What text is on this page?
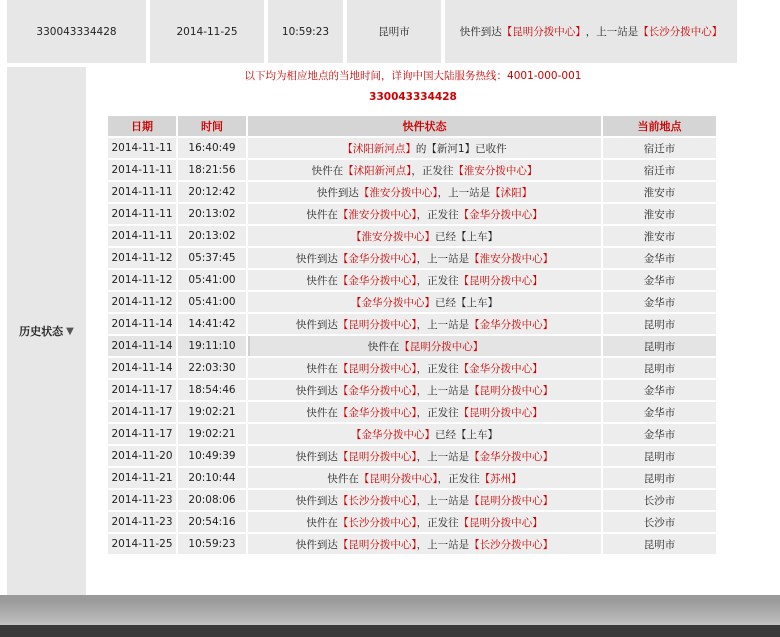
330043334428	2014-11-25	10:59:23	昆明市	快件到达 【昆明分拨中心】 ，上一站是 【长沙分拨中心】
历史状态 ▼
以下均为相应地点的当地时间，详询中国大陆服务热线：4001-000-001
330043334428
日期	时间	快件状态	当前地点
2014-11-11	16:40:49	【沭阳新河点】的【新河1】已收件	宿迁市
2014-11-11	18:21:56	快件在【沭阳新河点】，正发往【淮安分拨中心】	宿迁市
2014-11-11	20:12:42	快件到达【淮安分拨中心】，上一站是【沭阳】	淮安市
2014-11-11	20:13:02	快件在【淮安分拨中心】，正发往【金华分拨中心】	淮安市
2014-11-11	20:13:02	【淮安分拨中心】已经【上车】	淮安市
2014-11-12	05:37:45	快件到达【金华分拨中心】，上一站是【淮安分拨中心】	金华市
2014-11-12	05:41:00	快件在【金华分拨中心】，正发往【昆明分拨中心】	金华市
2014-11-12	05:41:00	【金华分拨中心】已经【上车】	金华市
2014-11-14	14:41:42	快件到达【昆明分拨中心】，上一站是【金华分拨中心】	昆明市
2014-11-14	19:11:10	快件在【昆明分拨中心】	昆明市
2014-11-14	22:03:30	快件在【昆明分拨中心】，正发往【金华分拨中心】	昆明市
2014-11-17	18:54:46	快件到达【金华分拨中心】，上一站是【昆明分拨中心】	金华市
2014-11-17	19:02:21	快件在【金华分拨中心】，正发往【昆明分拨中心】	金华市
2014-11-17	19:02:21	【金华分拨中心】已经【上车】	金华市
2014-11-20	10:49:39	快件到达【昆明分拨中心】，上一站是【金华分拨中心】	昆明市
2014-11-21	20:10:44	快件在【昆明分拨中心】，正发往【苏州】	昆明市
2014-11-23	20:08:06	快件到达【长沙分拨中心】，上一站是【昆明分拨中心】	长沙市
2014-11-23	20:54:16	快件在【长沙分拨中心】，正发往【昆明分拨中心】	长沙市
2014-11-25	10:59:23	快件到达【昆明分拨中心】，上一站是【长沙分拨中心】	昆明市
